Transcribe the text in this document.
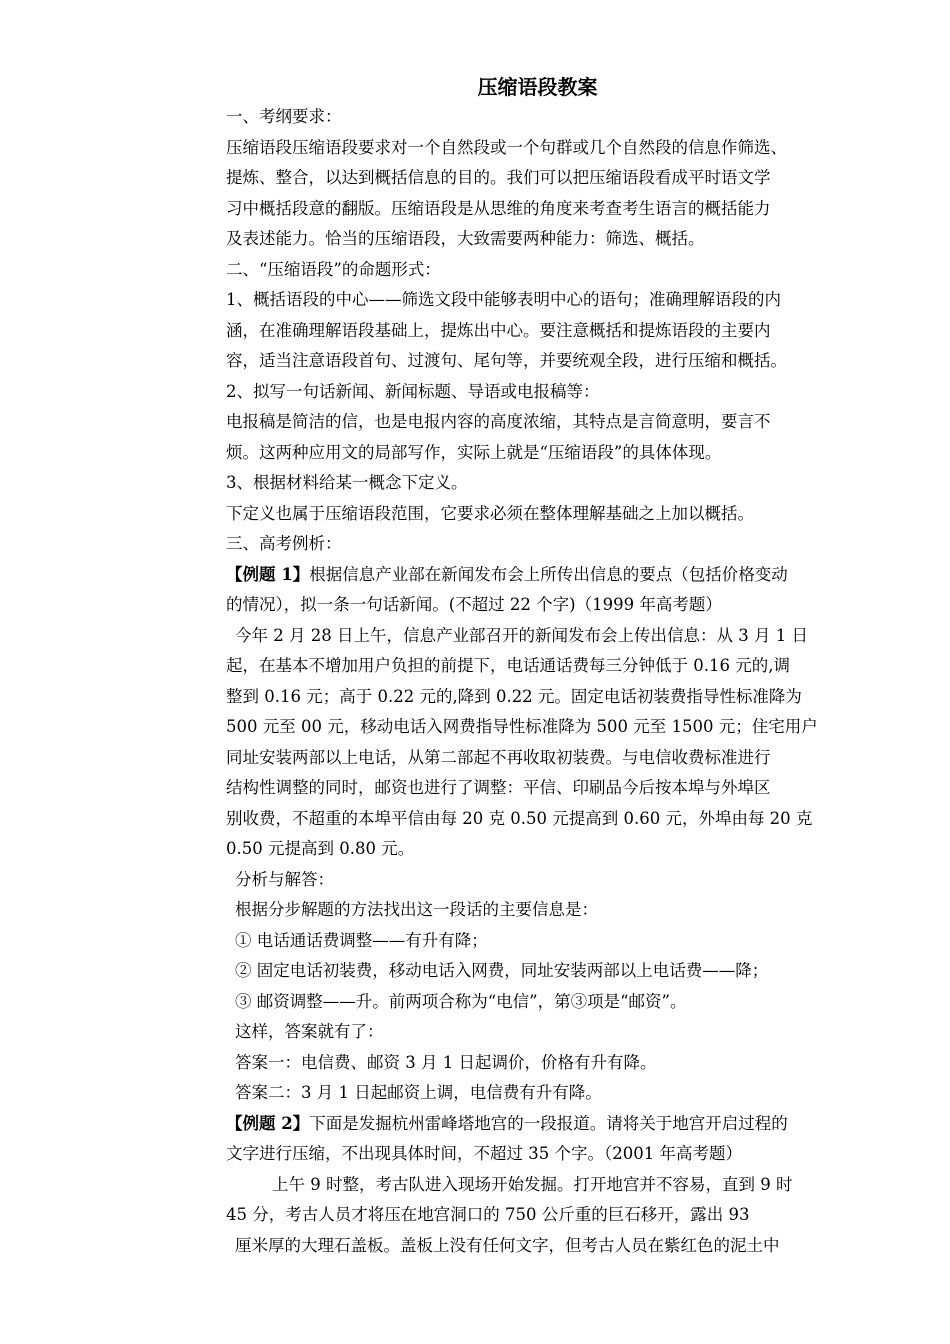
压缩语段教案

一、考纲要求：

压缩语段压缩语段要求对一个自然段或一个句群或几个自然段的信息作筛选、

提炼、整合，以达到概括信息的目的。我们可以把压缩语段看成平时语文学

习中概括段意的翻版。压缩语段是从思维的角度来考查考生语言的概括能力

及表述能力。恰当的压缩语段，大致需要两种能力：筛选、概括。

二、“压缩语段”的命题形式：

1、概括语段的中心——筛选文段中能够表明中心的语句；准确理解语段的内

涵，在准确理解语段基础上，提炼出中心。要注意概括和提炼语段的主要内

容，适当注意语段首句、过渡句、尾句等，并要统观全段，进行压缩和概括。

2、拟写一句话新闻、新闻标题、导语或电报稿等：

电报稿是简洁的信，也是电报内容的高度浓缩，其特点是言简意明，要言不

烦。这两种应用文的局部写作，实际上就是“压缩语段”的具体体现。

3、根据材料给某一概念下定义。

下定义也属于压缩语段范围，它要求必须在整体理解基础之上加以概括。

三、高考例析：

【例题 1】根据信息产业部在新闻发布会上所传出信息的要点（包括价格变动

的情况），拟一条一句话新闻。(不超过 22 个字)（1999 年高考题）

今年 2 月 28 日上午，信息产业部召开的新闻发布会上传出信息：从 3 月 1 日

起，在基本不增加用户负担的前提下，电话通话费每三分钟低于 0.16 元的,调

整到 0.16 元；高于 0.22 元的,降到 0.22 元。固定电话初装费指导性标准降为

500 元至 00 元，移动电话入网费指导性标准降为 500 元至 1500 元；住宅用户

同址安装两部以上电话，从第二部起不再收取初装费。与电信收费标准进行

结构性调整的同时，邮资也进行了调整：平信、印刷品今后按本埠与外埠区

别收费，不超重的本埠平信由每 20 克 0.50 元提高到 0.60 元，外埠由每 20 克

0.50 元提高到 0.80 元。

分析与解答：

根据分步解题的方法找出这一段话的主要信息是：

① 电话通话费调整——有升有降；

② 固定电话初装费，移动电话入网费，同址安装两部以上电话费——降；

③ 邮资调整——升。前两项合称为“电信”，第③项是“邮资”。

这样，答案就有了：

答案一：电信费、邮资 3 月 1 日起调价，价格有升有降。

答案二：3 月 1 日起邮资上调，电信费有升有降。

【例题 2】下面是发掘杭州雷峰塔地宫的一段报道。请将关于地宫开启过程的

文字进行压缩，不出现具体时间，不超过 35 个字。（2001 年高考题）

上午 9 时整，考古队进入现场开始发掘。打开地宫并不容易，直到 9 时

45 分，考古人员才将压在地宫洞口的 750 公斤重的巨石移开，露出 93

厘米厚的大理石盖板。盖板上没有任何文字，但考古人员在紫红色的泥土中
